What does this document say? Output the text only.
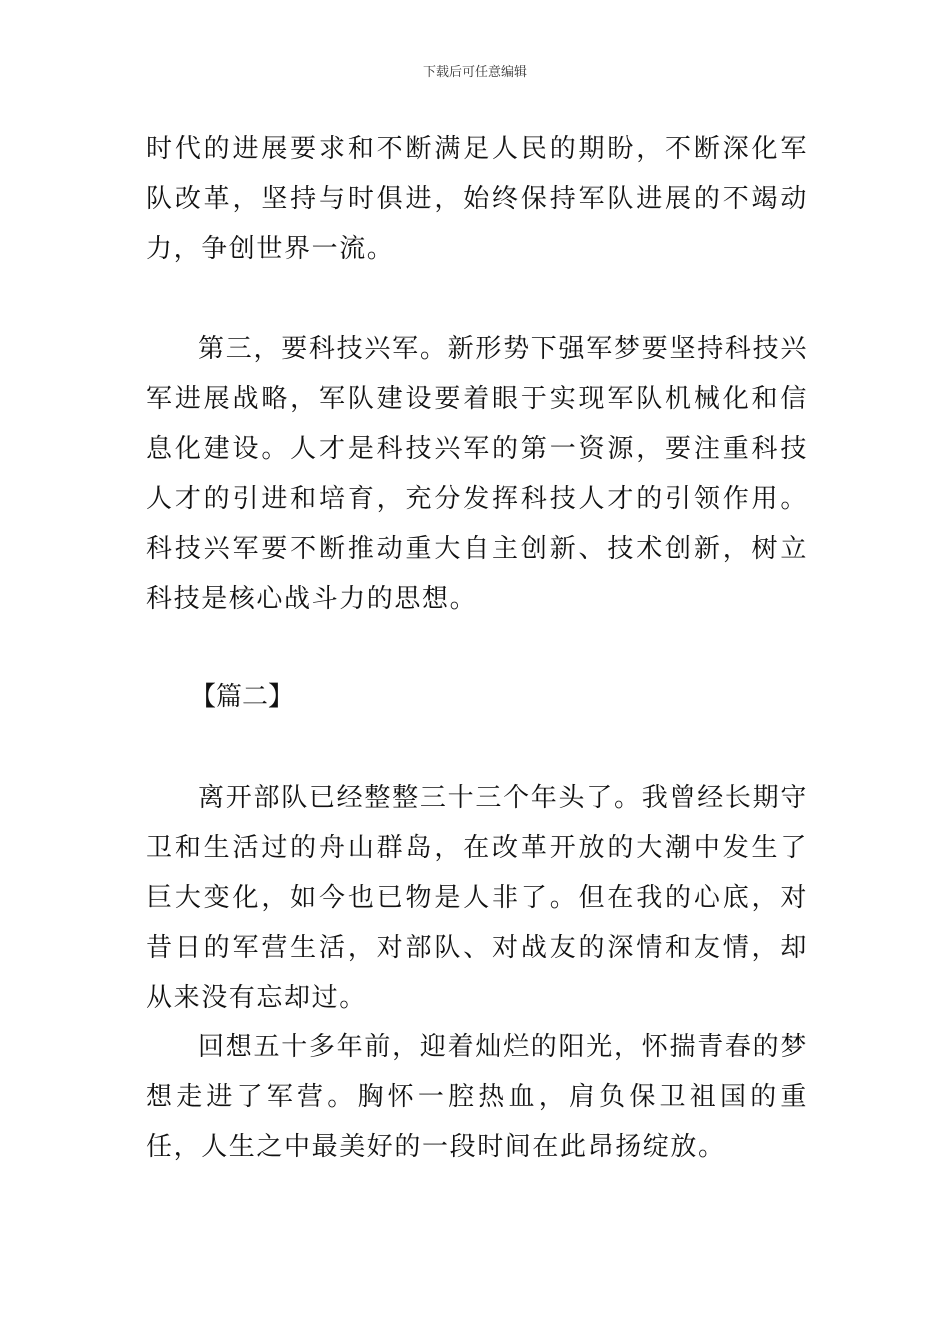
下载后可任意编辑

时代的进展要求和不断满足人民的期盼，不断深化军队改革，坚持与时俱进，始终保持军队进展的不竭动力，争创世界一流。

第三，要科技兴军。新形势下强军梦要坚持科技兴军进展战略，军队建设要着眼于实现军队机械化和信息化建设。人才是科技兴军的第一资源，要注重科技人才的引进和培育，充分发挥科技人才的引领作用。科技兴军要不断推动重大自主创新、技术创新，树立科技是核心战斗力的思想。

【篇二】

离开部队已经整整三十三个年头了。我曾经长期守卫和生活过的舟山群岛，在改革开放的大潮中发生了巨大变化，如今也已物是人非了。但在我的心底，对昔日的军营生活，对部队、对战友的深情和友情，却从来没有忘却过。

回想五十多年前，迎着灿烂的阳光，怀揣青春的梦想走进了军营。胸怀一腔热血，肩负保卫祖国的重任，人生之中最美好的一段时间在此昂扬绽放。
